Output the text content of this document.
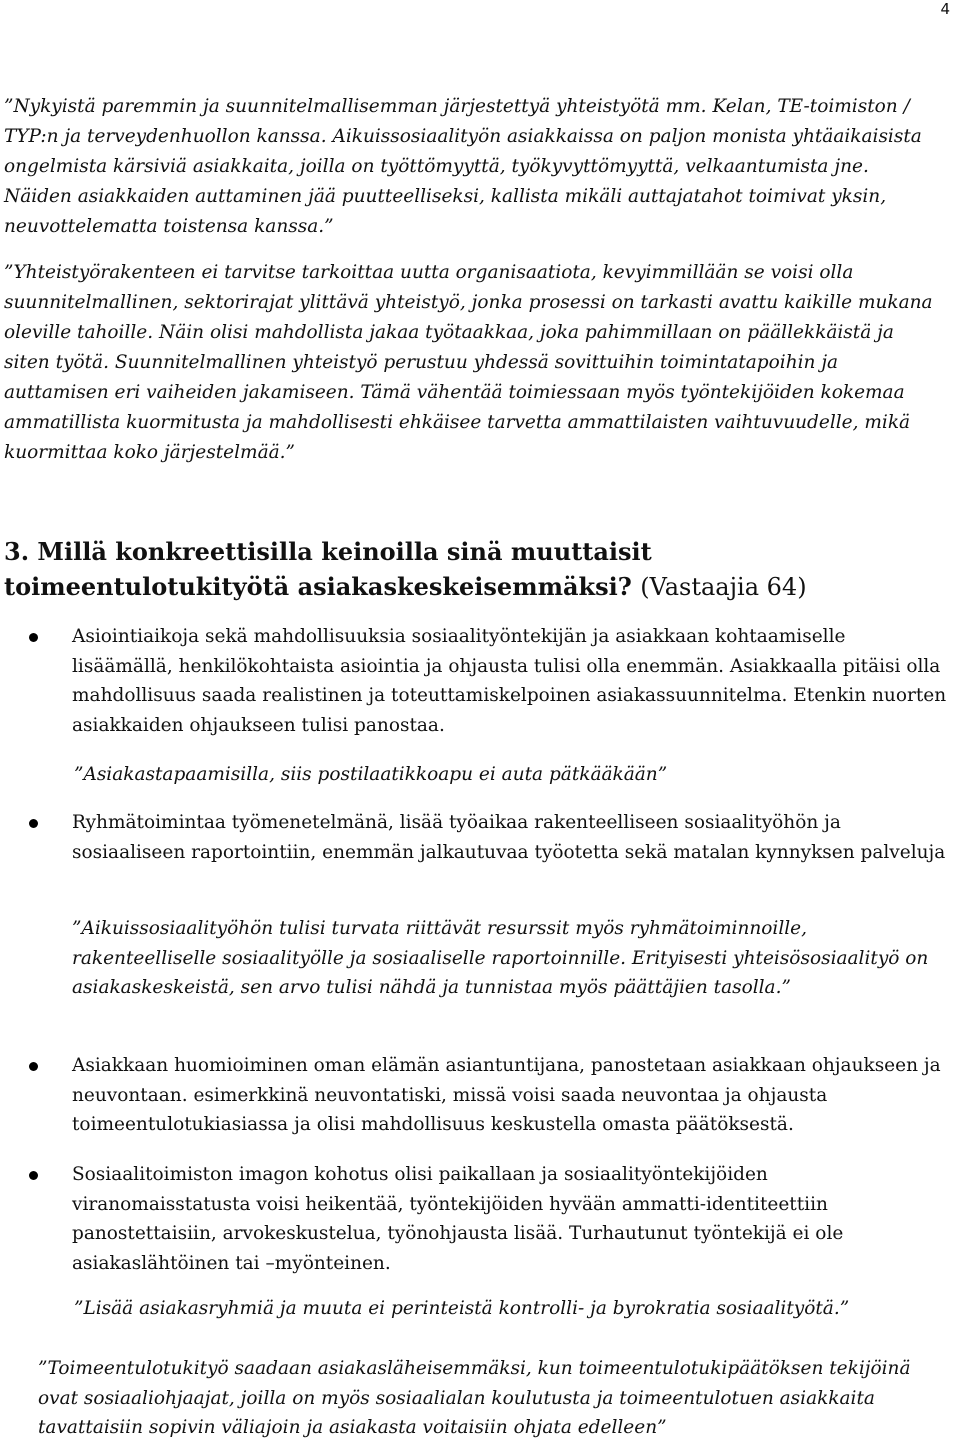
4

”Nykyistä paremmin ja suunnitelmallisemman järjestettyä yhteistyötä mm. Kelan, TE-toimiston / TYP:n ja terveydenhuollon kanssa. Aikuissosiaalityön asiakkaissa on paljon monista yhtäaikaisista ongelmista kärsiviä asiakkaita, joilla on työttömyyttä, työkyvyttömyyttä, velkaantumista jne. Näiden asiakkaiden auttaminen jää puutteelliseksi, kallista mikäli auttajatahot toimivat yksin, neuvottelematta toistensa kanssa.”

”Yhteistyörakenteen ei tarvitse tarkoittaa uutta organisaatiota, kevyimmillään se voisi olla suunnitelmallinen, sektorirajat ylittävä yhteistyö, jonka prosessi on tarkasti avattu kaikille mukana oleville tahoille. Näin olisi mahdollista jakaa työtaakkaa, joka pahimmillaan on päällekkäistä ja siten työtä. Suunnitelmallinen yhteistyö perustuu yhdessä sovittuihin toimintatapoihin ja auttamisen eri vaiheiden jakamiseen. Tämä vähentää toimiessaan myös työntekijöiden kokemaa ammatillista kuormitusta ja mahdollisesti ehkäisee tarvetta ammattilaisten vaihtuvuudelle, mikä kuormittaa koko järjestelmää.”

3. Millä konkreettisilla keinoilla sinä muuttaisit toimeentulotukityötä asiakaskeskeisemmäksi? (Vastaajia 64)

Asiointiaikoja sekä mahdollisuuksia sosiaalityöntekijän ja asiakkaan kohtaamiselle lisäämällä, henkilökohtaista asiointia ja ohjausta tulisi olla enemmän. Asiakkaalla pitäisi olla mahdollisuus saada realistinen ja toteuttamiskelpoinen asiakassuunnitelma. Etenkin nuorten asiakkaiden ohjaukseen tulisi panostaa.

”Asiakastapaamisilla, siis postilaatikkoapu ei auta pätkääkään”

Ryhmätoimintaa työmenetelmänä, lisää työaikaa rakenteelliseen sosiaalityöhön ja sosiaaliseen raportointiin, enemmän jalkautuvaa työotetta sekä matalan kynnyksen palveluja

”Aikuissosiaalityöhön tulisi turvata riittävät resurssit myös ryhmätoiminnoille, rakenteelliselle sosiaalityölle ja sosiaaliselle raportoinnille. Erityisesti yhteisösosiaalityö on asiakaskeskeistä, sen arvo tulisi nähdä ja tunnistaa myös päättäjien tasolla.”

Asiakkaan huomioiminen oman elämän asiantuntijana, panostetaan asiakkaan ohjaukseen ja neuvontaan. esimerkkinä neuvontatiski, missä voisi saada neuvontaa ja ohjausta toimeentulotukiasiassa ja olisi mahdollisuus keskustella omasta päätöksestä.

Sosiaalitoimiston imagon kohotus olisi paikallaan ja sosiaalityöntekijöiden viranomaisstatusta voisi heikentää, työntekijöiden hyvään ammatti-identiteettiin panostettaisiin, arvokeskustelua, työnohjausta lisää. Turhautunut työntekijä ei ole asiakaslähtöinen tai –myönteinen.

”Lisää asiakasryhmiä ja muuta ei perinteistä kontrolli- ja byrokratia sosiaalityötä.”

”Toimeentulotukityö saadaan asiakasläheisemmäksi, kun toimeentulotukipäätöksen tekijöinä ovat sosiaaliohjaajat, joilla on myös sosiaalialan koulutusta ja toimeentulotuen asiakkaita tavattaisiin sopivin väliajoin ja asiakasta voitaisiin ohjata edelleen”
